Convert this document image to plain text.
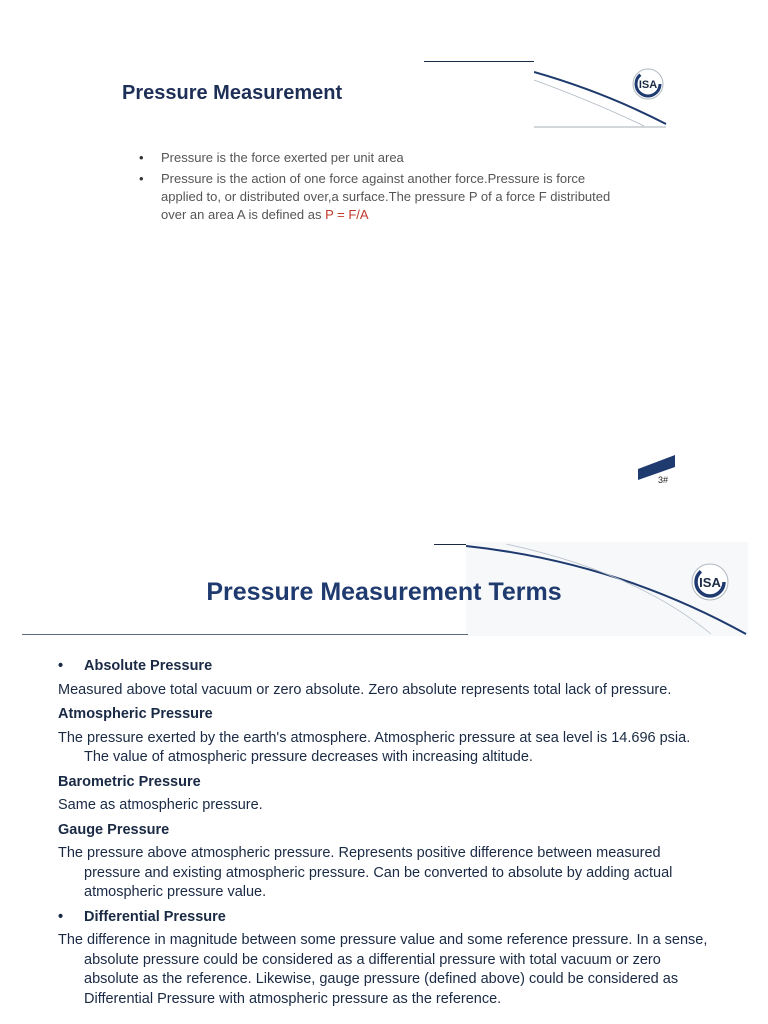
ISA
Pressure Measurement
• Pressure is the force exerted per unit area
• Pressure is the action of one force against another force.Pressure is force applied to, or distributed over,a surface.The pressure P of a force F distributed over an area A is defined as P = F/A
3#
ISA
Pressure Measurement Terms

• Absolute Pressure

Measured above total vacuum or zero absolute. Zero absolute represents total lack of pressure.

Atmospheric Pressure

The pressure exerted by the earth's atmosphere. Atmospheric pressure at sea level is 14.696 psia. The value of atmospheric pressure decreases with increasing altitude.

Barometric Pressure

Same as atmospheric pressure.

Gauge Pressure

The pressure above atmospheric pressure. Represents positive difference between measured pressure and existing atmospheric pressure. Can be converted to absolute by adding actual atmospheric pressure value.

• Differential Pressure

The difference in magnitude between some pressure value and some reference pressure. In a sense, absolute pressure could be considered as a differential pressure with total vacuum or zero absolute as the reference. Likewise, gauge pressure (defined above) could be considered as Differential Pressure with atmospheric pressure as the reference.
